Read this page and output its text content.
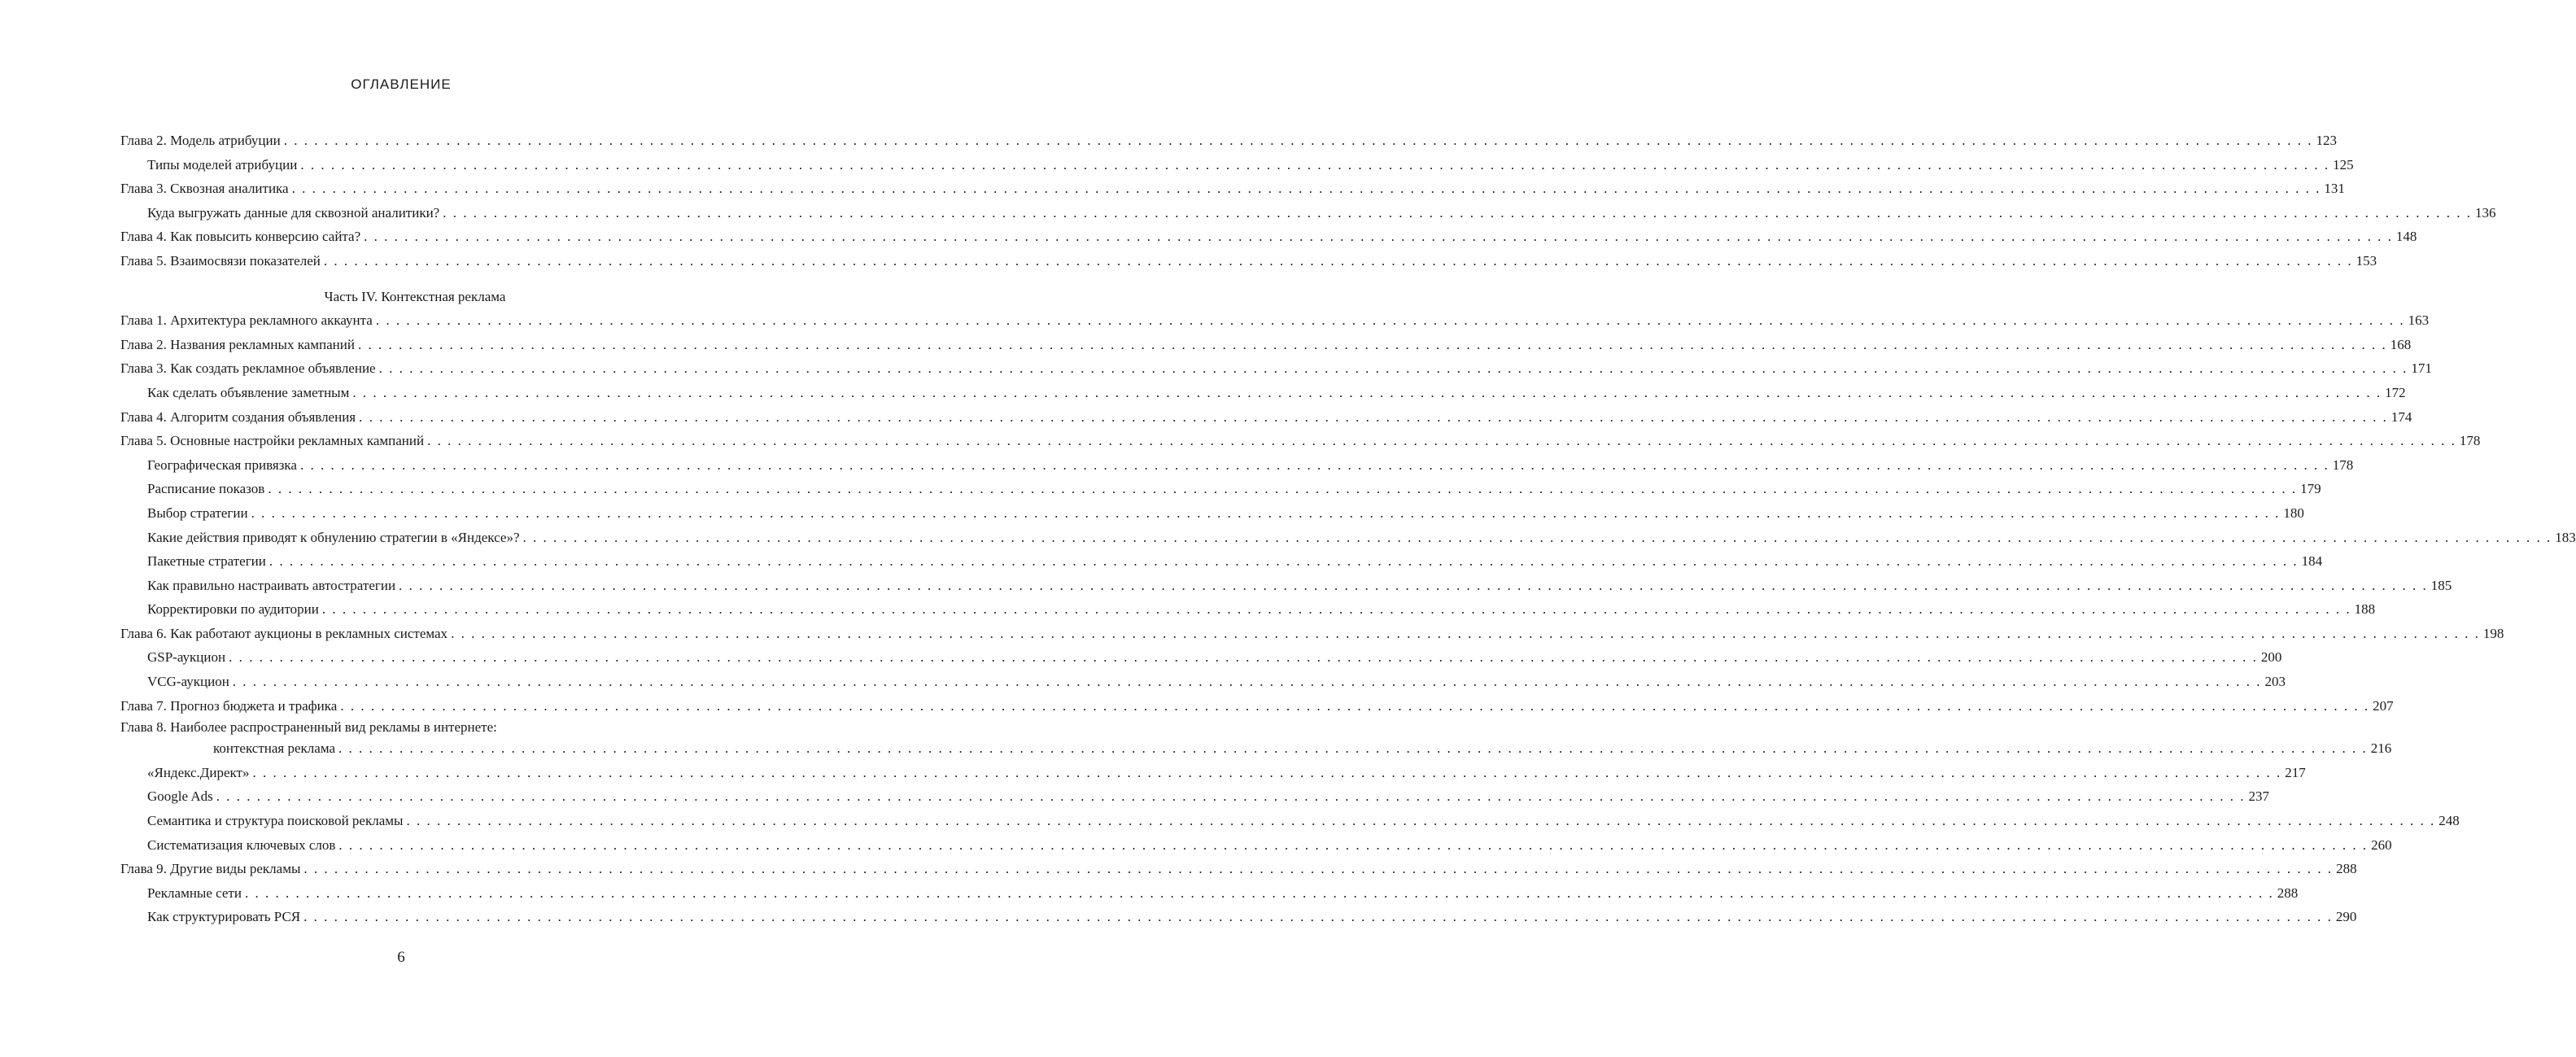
ОГЛАВЛЕНИЕ
Глава 2. Модель атрибуции . . . . . . . . . . . . . . . . . . . . . . . . . . . . . . . . . . . . . . . . . . . . . . . . . . . . . . . . . . . . . . . . . . . . . . . . . . . . . . . . . . . . . . . . . . . . . . . . . . . . . . . . . . . . . . . . . . . . . . . . . . . . . . . . . . . . . . . . . . . . . . . . . . . . . . . . . . . . . . . . . . . . . . . . . . . . . . . . . . . . . . . . . . . . . . . . . . . . . . . . 123
Типы моделей атрибуции . . . . . . . . . . . . . . . . . . . . . . . . . . . . . . . . . . . . . . . . . . . . . . . . . . . . . . . . . . . . . . . . . . . . . . . . . . . . . . . . . . . . . . . . . . . . . . . . . . . . . . . . . . . . . . . . . . . . . . . . . . . . . . . . . . . . . . . . . . . . . . . . . . . . . . . . . . . . . . . . . . . . . . . . . . . . . . . . . . . . . . . . . . . . . . . . . . . . . . . . 125
Глава 3. Сквозная аналитика . . . . . . . . . . . . . . . . . . . . . . . . . . . . . . . . . . . . . . . . . . . . . . . . . . . . . . . . . . . . . . . . . . . . . . . . . . . . . . . . . . . . . . . . . . . . . . . . . . . . . . . . . . . . . . . . . . . . . . . . . . . . . . . . . . . . . . . . . . . . . . . . . . . . . . . . . . . . . . . . . . . . . . . . . . . . . . . . . . . . . . . . . . . . . . . . . . . . . . . . 131
Куда выгружать данные для сквозной аналитики? . . . . . . . . . . . . . . . . . . . . . . . . . . . . . . . . . . . . . . . . . . . . . . . . . . . . . . . . . . . . . . . . . . . . . . . . . . . . . . . . . . . . . . . . . . . . . . . . . . . . . . . . . . . . . . . . . . . . . . . . . . . . . . . . . . . . . . . . . . . . . . . . . . . . . . . . . . . . . . . . . . . . . . . . . . . . . . . . . . . . . . . . . . . . . . . . . . . . . . . . 136
Глава 4. Как повысить конверсию сайта? . . . . . . . . . . . . . . . . . . . . . . . . . . . . . . . . . . . . . . . . . . . . . . . . . . . . . . . . . . . . . . . . . . . . . . . . . . . . . . . . . . . . . . . . . . . . . . . . . . . . . . . . . . . . . . . . . . . . . . . . . . . . . . . . . . . . . . . . . . . . . . . . . . . . . . . . . . . . . . . . . . . . . . . . . . . . . . . . . . . . . . . . . . . . . . . . . . . . . . . . 148
Глава 5. Взаимосвязи показателей . . . . . . . . . . . . . . . . . . . . . . . . . . . . . . . . . . . . . . . . . . . . . . . . . . . . . . . . . . . . . . . . . . . . . . . . . . . . . . . . . . . . . . . . . . . . . . . . . . . . . . . . . . . . . . . . . . . . . . . . . . . . . . . . . . . . . . . . . . . . . . . . . . . . . . . . . . . . . . . . . . . . . . . . . . . . . . . . . . . . . . . . . . . . . . . . . . . . . . . . 153
Часть IV. Контекстная реклама
Глава 1. Архитектура рекламного аккаунта . . . . . . . . . . . . . . . . . . . . . . . . . . . . . . . . . . . . . . . . . . . . . . . . . . . . . . . . . . . . . . . . . . . . . . . . . . . . . . . . . . . . . . . . . . . . . . . . . . . . . . . . . . . . . . . . . . . . . . . . . . . . . . . . . . . . . . . . . . . . . . . . . . . . . . . . . . . . . . . . . . . . . . . . . . . . . . . . . . . . . . . . . . . . . . . . . . . . . . . . 163
Глава 2. Названия рекламных кампаний . . . . . . . . . . . . . . . . . . . . . . . . . . . . . . . . . . . . . . . . . . . . . . . . . . . . . . . . . . . . . . . . . . . . . . . . . . . . . . . . . . . . . . . . . . . . . . . . . . . . . . . . . . . . . . . . . . . . . . . . . . . . . . . . . . . . . . . . . . . . . . . . . . . . . . . . . . . . . . . . . . . . . . . . . . . . . . . . . . . . . . . . . . . . . . . . . . . . . . . . 168
Глава 3. Как создать рекламное объявление . . . . . . . . . . . . . . . . . . . . . . . . . . . . . . . . . . . . . . . . . . . . . . . . . . . . . . . . . . . . . . . . . . . . . . . . . . . . . . . . . . . . . . . . . . . . . . . . . . . . . . . . . . . . . . . . . . . . . . . . . . . . . . . . . . . . . . . . . . . . . . . . . . . . . . . . . . . . . . . . . . . . . . . . . . . . . . . . . . . . . . . . . . . . . . . . . . . . . . . . 171
Как сделать объявление заметным . . . . . . . . . . . . . . . . . . . . . . . . . . . . . . . . . . . . . . . . . . . . . . . . . . . . . . . . . . . . . . . . . . . . . . . . . . . . . . . . . . . . . . . . . . . . . . . . . . . . . . . . . . . . . . . . . . . . . . . . . . . . . . . . . . . . . . . . . . . . . . . . . . . . . . . . . . . . . . . . . . . . . . . . . . . . . . . . . . . . . . . . . . . . . . . . . . . . . . . . 172
Глава 4. Алгоритм создания объявления . . . . . . . . . . . . . . . . . . . . . . . . . . . . . . . . . . . . . . . . . . . . . . . . . . . . . . . . . . . . . . . . . . . . . . . . . . . . . . . . . . . . . . . . . . . . . . . . . . . . . . . . . . . . . . . . . . . . . . . . . . . . . . . . . . . . . . . . . . . . . . . . . . . . . . . . . . . . . . . . . . . . . . . . . . . . . . . . . . . . . . . . . . . . . . . . . . . . . . . . 174
Глава 5. Основные настройки рекламных кампаний . . . . . . . . . . . . . . . . . . . . . . . . . . . . . . . . . . . . . . . . . . . . . . . . . . . . . . . . . . . . . . . . . . . . . . . . . . . . . . . . . . . . . . . . . . . . . . . . . . . . . . . . . . . . . . . . . . . . . . . . . . . . . . . . . . . . . . . . . . . . . . . . . . . . . . . . . . . . . . . . . . . . . . . . . . . . . . . . . . . . . . . . . . . . . . . . . . . . . . . . 178
Географическая привязка . . . . . . . . . . . . . . . . . . . . . . . . . . . . . . . . . . . . . . . . . . . . . . . . . . . . . . . . . . . . . . . . . . . . . . . . . . . . . . . . . . . . . . . . . . . . . . . . . . . . . . . . . . . . . . . . . . . . . . . . . . . . . . . . . . . . . . . . . . . . . . . . . . . . . . . . . . . . . . . . . . . . . . . . . . . . . . . . . . . . . . . . . . . . . . . . . . . . . . . . 178
Расписание показов . . . . . . . . . . . . . . . . . . . . . . . . . . . . . . . . . . . . . . . . . . . . . . . . . . . . . . . . . . . . . . . . . . . . . . . . . . . . . . . . . . . . . . . . . . . . . . . . . . . . . . . . . . . . . . . . . . . . . . . . . . . . . . . . . . . . . . . . . . . . . . . . . . . . . . . . . . . . . . . . . . . . . . . . . . . . . . . . . . . . . . . . . . . . . . . . . . . . . . . . 179
Выбор стратегии . . . . . . . . . . . . . . . . . . . . . . . . . . . . . . . . . . . . . . . . . . . . . . . . . . . . . . . . . . . . . . . . . . . . . . . . . . . . . . . . . . . . . . . . . . . . . . . . . . . . . . . . . . . . . . . . . . . . . . . . . . . . . . . . . . . . . . . . . . . . . . . . . . . . . . . . . . . . . . . . . . . . . . . . . . . . . . . . . . . . . . . . . . . . . . . . . . . . . . . . 180
Какие действия приводят к обнулению стратегии в «Яндексе»? . . . . . . . . . . . . . . . . . . . . . . . . . . . . . . . . . . . . . . . . . . . . . . . . . . . . . . . . . . . . . . . . . . . . . . . . . . . . . . . . . . . . . . . . . . . . . . . . . . . . . . . . . . . . . . . . . . . . . . . . . . . . . . . . . . . . . . . . . . . . . . . . . . . . . . . . . . . . . . . . . . . . . . . . . . . . . . . . . . . . . . . . . . . . . . . . . . . . . . . . 183
Пакетные стратегии . . . . . . . . . . . . . . . . . . . . . . . . . . . . . . . . . . . . . . . . . . . . . . . . . . . . . . . . . . . . . . . . . . . . . . . . . . . . . . . . . . . . . . . . . . . . . . . . . . . . . . . . . . . . . . . . . . . . . . . . . . . . . . . . . . . . . . . . . . . . . . . . . . . . . . . . . . . . . . . . . . . . . . . . . . . . . . . . . . . . . . . . . . . . . . . . . . . . . . . . 184
Как правильно настраивать автостратегии . . . . . . . . . . . . . . . . . . . . . . . . . . . . . . . . . . . . . . . . . . . . . . . . . . . . . . . . . . . . . . . . . . . . . . . . . . . . . . . . . . . . . . . . . . . . . . . . . . . . . . . . . . . . . . . . . . . . . . . . . . . . . . . . . . . . . . . . . . . . . . . . . . . . . . . . . . . . . . . . . . . . . . . . . . . . . . . . . . . . . . . . . . . . . . . . . . . . . . . . 185
Корректировки по аудитории . . . . . . . . . . . . . . . . . . . . . . . . . . . . . . . . . . . . . . . . . . . . . . . . . . . . . . . . . . . . . . . . . . . . . . . . . . . . . . . . . . . . . . . . . . . . . . . . . . . . . . . . . . . . . . . . . . . . . . . . . . . . . . . . . . . . . . . . . . . . . . . . . . . . . . . . . . . . . . . . . . . . . . . . . . . . . . . . . . . . . . . . . . . . . . . . . . . . . . . . 188
Глава 6. Как работают аукционы в рекламных системах . . . . . . . . . . . . . . . . . . . . . . . . . . . . . . . . . . . . . . . . . . . . . . . . . . . . . . . . . . . . . . . . . . . . . . . . . . . . . . . . . . . . . . . . . . . . . . . . . . . . . . . . . . . . . . . . . . . . . . . . . . . . . . . . . . . . . . . . . . . . . . . . . . . . . . . . . . . . . . . . . . . . . . . . . . . . . . . . . . . . . . . . . . . . . . . . . . . . . . . . 198
GSP-аукцион . . . . . . . . . . . . . . . . . . . . . . . . . . . . . . . . . . . . . . . . . . . . . . . . . . . . . . . . . . . . . . . . . . . . . . . . . . . . . . . . . . . . . . . . . . . . . . . . . . . . . . . . . . . . . . . . . . . . . . . . . . . . . . . . . . . . . . . . . . . . . . . . . . . . . . . . . . . . . . . . . . . . . . . . . . . . . . . . . . . . . . . . . . . . . . . . . . . . . . . . 200
VCG-аукцион . . . . . . . . . . . . . . . . . . . . . . . . . . . . . . . . . . . . . . . . . . . . . . . . . . . . . . . . . . . . . . . . . . . . . . . . . . . . . . . . . . . . . . . . . . . . . . . . . . . . . . . . . . . . . . . . . . . . . . . . . . . . . . . . . . . . . . . . . . . . . . . . . . . . . . . . . . . . . . . . . . . . . . . . . . . . . . . . . . . . . . . . . . . . . . . . . . . . . . . . 203
Глава 7. Прогноз бюджета и трафика . . . . . . . . . . . . . . . . . . . . . . . . . . . . . . . . . . . . . . . . . . . . . . . . . . . . . . . . . . . . . . . . . . . . . . . . . . . . . . . . . . . . . . . . . . . . . . . . . . . . . . . . . . . . . . . . . . . . . . . . . . . . . . . . . . . . . . . . . . . . . . . . . . . . . . . . . . . . . . . . . . . . . . . . . . . . . . . . . . . . . . . . . . . . . . . . . . . . . . . . 207
Глава 8. Наиболее распространенный вид рекламы в интернете:
контекстная реклама . . . . . . . . . . . . . . . . . . . . . . . . . . . . . . . . . . . . . . . . . . . . . . . . . . . . . . . . . . . . . . . . . . . . . . . . . . . . . . . . . . . . . . . . . . . . . . . . . . . . . . . . . . . . . . . . . . . . . . . . . . . . . . . . . . . . . . . . . . . . . . . . . . . . . . . . . . . . . . . . . . . . . . . . . . . . . . . . . . . . . . . . . . . . . . . . . . . . . . . . 216
«Яндекс.Директ» . . . . . . . . . . . . . . . . . . . . . . . . . . . . . . . . . . . . . . . . . . . . . . . . . . . . . . . . . . . . . . . . . . . . . . . . . . . . . . . . . . . . . . . . . . . . . . . . . . . . . . . . . . . . . . . . . . . . . . . . . . . . . . . . . . . . . . . . . . . . . . . . . . . . . . . . . . . . . . . . . . . . . . . . . . . . . . . . . . . . . . . . . . . . . . . . . . . . . . . . 217
Google Ads . . . . . . . . . . . . . . . . . . . . . . . . . . . . . . . . . . . . . . . . . . . . . . . . . . . . . . . . . . . . . . . . . . . . . . . . . . . . . . . . . . . . . . . . . . . . . . . . . . . . . . . . . . . . . . . . . . . . . . . . . . . . . . . . . . . . . . . . . . . . . . . . . . . . . . . . . . . . . . . . . . . . . . . . . . . . . . . . . . . . . . . . . . . . . . . . . . . . . . . . 237
Семантика и структура поисковой рекламы . . . . . . . . . . . . . . . . . . . . . . . . . . . . . . . . . . . . . . . . . . . . . . . . . . . . . . . . . . . . . . . . . . . . . . . . . . . . . . . . . . . . . . . . . . . . . . . . . . . . . . . . . . . . . . . . . . . . . . . . . . . . . . . . . . . . . . . . . . . . . . . . . . . . . . . . . . . . . . . . . . . . . . . . . . . . . . . . . . . . . . . . . . . . . . . . . . . . . . . . 248
Систематизация ключевых слов . . . . . . . . . . . . . . . . . . . . . . . . . . . . . . . . . . . . . . . . . . . . . . . . . . . . . . . . . . . . . . . . . . . . . . . . . . . . . . . . . . . . . . . . . . . . . . . . . . . . . . . . . . . . . . . . . . . . . . . . . . . . . . . . . . . . . . . . . . . . . . . . . . . . . . . . . . . . . . . . . . . . . . . . . . . . . . . . . . . . . . . . . . . . . . . . . . . . . . . . 260
Глава 9. Другие виды рекламы . . . . . . . . . . . . . . . . . . . . . . . . . . . . . . . . . . . . . . . . . . . . . . . . . . . . . . . . . . . . . . . . . . . . . . . . . . . . . . . . . . . . . . . . . . . . . . . . . . . . . . . . . . . . . . . . . . . . . . . . . . . . . . . . . . . . . . . . . . . . . . . . . . . . . . . . . . . . . . . . . . . . . . . . . . . . . . . . . . . . . . . . . . . . . . . . . . . . . . . . 288
Рекламные сети . . . . . . . . . . . . . . . . . . . . . . . . . . . . . . . . . . . . . . . . . . . . . . . . . . . . . . . . . . . . . . . . . . . . . . . . . . . . . . . . . . . . . . . . . . . . . . . . . . . . . . . . . . . . . . . . . . . . . . . . . . . . . . . . . . . . . . . . . . . . . . . . . . . . . . . . . . . . . . . . . . . . . . . . . . . . . . . . . . . . . . . . . . . . . . . . . . . . . . . . 288
Как структурировать РСЯ . . . . . . . . . . . . . . . . . . . . . . . . . . . . . . . . . . . . . . . . . . . . . . . . . . . . . . . . . . . . . . . . . . . . . . . . . . . . . . . . . . . . . . . . . . . . . . . . . . . . . . . . . . . . . . . . . . . . . . . . . . . . . . . . . . . . . . . . . . . . . . . . . . . . . . . . . . . . . . . . . . . . . . . . . . . . . . . . . . . . . . . . . . . . . . . . . . . . . . . . 290
6
